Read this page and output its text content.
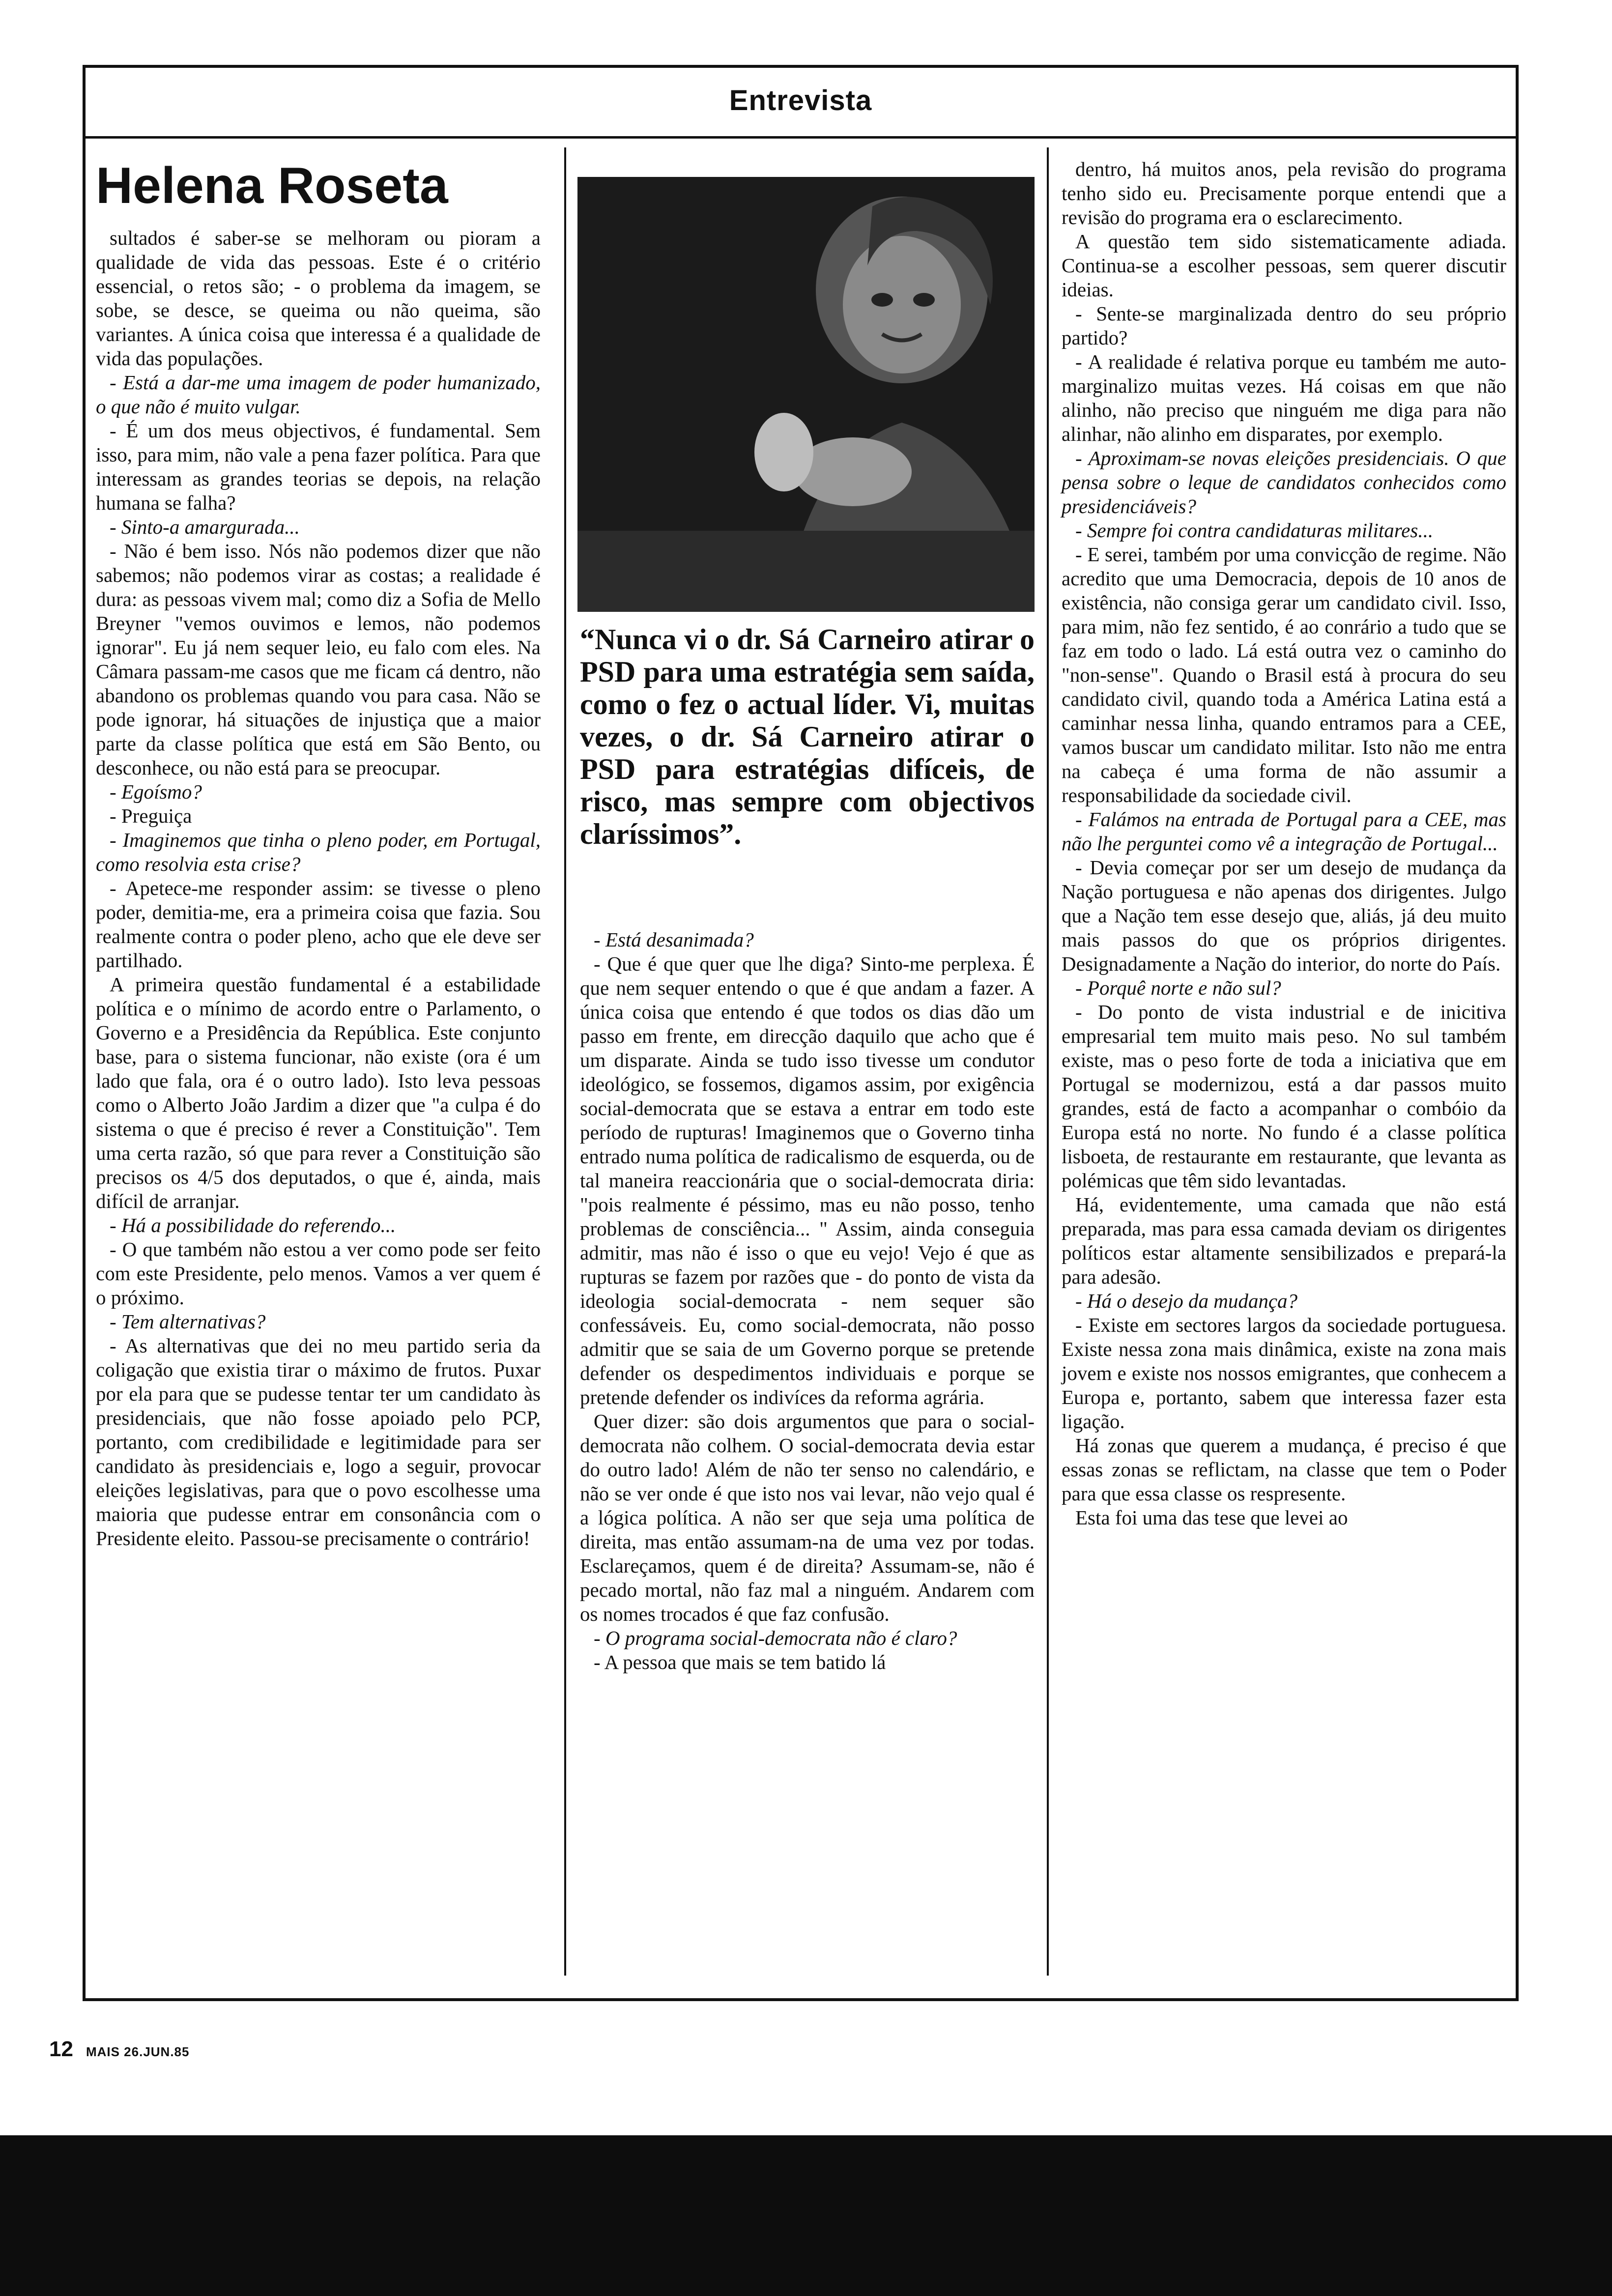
Entrevista
Helena Roseta

sultados é saber-se se melhoram ou pioram a qualidade de vida das pessoas. Este é o critério essencial, o retos são; - o problema da imagem, se sobe, se desce, se queima ou não queima, são variantes. A única coisa que interessa é a qualidade de vida das populações.

- Está a dar-me uma imagem de poder humanizado, o que não é muito vulgar.

- É um dos meus objectivos, é fundamental. Sem isso, para mim, não vale a pena fazer política. Para que interessam as grandes teorias se depois, na relação humana se falha?

- Sinto-a amargurada...

- Não é bem isso. Nós não podemos dizer que não sabemos; não podemos virar as costas; a realidade é dura: as pessoas vivem mal; como diz a Sofia de Mello Breyner "vemos ouvimos e lemos, não podemos ignorar". Eu já nem sequer leio, eu falo com eles. Na Câmara passam-me casos que me ficam cá dentro, não abandono os problemas quando vou para casa. Não se pode ignorar, há situações de injustiça que a maior parte da classe política que está em São Bento, ou desconhece, ou não está para se preocupar.

- Egoísmo?

- Preguiça

- Imaginemos que tinha o pleno poder, em Portugal, como resolvia esta crise?

- Apetece-me responder assim: se tivesse o pleno poder, demitia-me, era a primeira coisa que fazia. Sou realmente contra o poder pleno, acho que ele deve ser partilhado.

A primeira questão fundamental é a estabilidade política e o mínimo de acordo entre o Parlamento, o Governo e a Presidência da República. Este conjunto base, para o sistema funcionar, não existe (ora é um lado que fala, ora é o outro lado). Isto leva pessoas como o Alberto João Jardim a dizer que "a culpa é do sistema o que é preciso é rever a Constituição". Tem uma certa razão, só que para rever a Constituição são precisos os 4/5 dos deputados, o que é, ainda, mais difícil de arranjar.

- Há a possibilidade do referendo...

- O que também não estou a ver como pode ser feito com este Presidente, pelo menos. Vamos a ver quem é o próximo.

- Tem alternativas?

- As alternativas que dei no meu partido seria da coligação que existia tirar o máximo de frutos. Puxar por ela para que se pudesse tentar ter um candidato às presidenciais, que não fosse apoiado pelo PCP, portanto, com credibilidade e legitimidade para ser candidato às presidenciais e, logo a seguir, provocar eleições legislativas, para que o povo escolhesse uma maioria que pudesse entrar em consonância com o Presidente eleito. Passou-se precisamente o contrário!

“Nunca vi o dr. Sá Carneiro atirar o PSD para uma estratégia sem saída, como o fez o actual líder. Vi, muitas vezes, o dr. Sá Carneiro atirar o PSD para estratégias difíceis, de risco, mas sempre com objectivos claríssimos”.

- Está desanimada?

- Que é que quer que lhe diga? Sinto-me perplexa. É que nem sequer entendo o que é que andam a fazer. A única coisa que entendo é que todos os dias dão um passo em frente, em direcção daquilo que acho que é um disparate. Ainda se tudo isso tivesse um condutor ideológico, se fossemos, digamos assim, por exigência social-democrata que se estava a entrar em todo este período de rupturas! Imaginemos que o Governo tinha entrado numa política de radicalismo de esquerda, ou de tal maneira reaccionária que o social-democrata diria: "pois realmente é péssimo, mas eu não posso, tenho problemas de consciência... " Assim, ainda conseguia admitir, mas não é isso o que eu vejo! Vejo é que as rupturas se fazem por razões que - do ponto de vista da ideologia social-democrata - nem sequer são confessáveis. Eu, como social-democrata, não posso admitir que se saia de um Governo porque se pretende defender os despedimentos individuais e porque se pretende defender os indivíces da reforma agrária.

Quer dizer: são dois argumentos que para o social-democrata não colhem. O social-democrata devia estar do outro lado! Além de não ter senso no calendário, e não se ver onde é que isto nos vai levar, não vejo qual é a lógica política. A não ser que seja uma política de direita, mas então assumam-na de uma vez por todas. Esclareçamos, quem é de direita? Assumam-se, não é pecado mortal, não faz mal a ninguém. Andarem com os nomes trocados é que faz confusão.

- O programa social-democrata não é claro?

- A pessoa que mais se tem batido lá

dentro, há muitos anos, pela revisão do programa tenho sido eu. Precisamente porque entendi que a revisão do programa era o esclarecimento.

A questão tem sido sistematicamente adiada. Continua-se a escolher pessoas, sem querer discutir ideias.

- Sente-se marginalizada dentro do seu próprio partido?

- A realidade é relativa porque eu também me auto-marginalizo muitas vezes. Há coisas em que não alinho, não preciso que ninguém me diga para não alinhar, não alinho em disparates, por exemplo.

- Aproximam-se novas eleições presidenciais. O que pensa sobre o leque de candidatos conhecidos como presidenciáveis?

- Sempre foi contra candidaturas militares...

- E serei, também por uma convicção de regime. Não acredito que uma Democracia, depois de 10 anos de existência, não consiga gerar um candidato civil. Isso, para mim, não fez sentido, é ao conrário a tudo que se faz em todo o lado. Lá está outra vez o caminho do "non-sense". Quando o Brasil está à procura do seu candidato civil, quando toda a América Latina está a caminhar nessa linha, quando entramos para a CEE, vamos buscar um candidato militar. Isto não me entra na cabeça é uma forma de não assumir a responsabilidade da sociedade civil.

- Falámos na entrada de Portugal para a CEE, mas não lhe perguntei como vê a integração de Portugal...

- Devia começar por ser um desejo de mudança da Nação portuguesa e não apenas dos dirigentes. Julgo que a Nação tem esse desejo que, aliás, já deu muito mais passos do que os próprios dirigentes. Designadamente a Nação do interior, do norte do País.

- Porquê norte e não sul?

- Do ponto de vista industrial e de inicitiva empresarial tem muito mais peso. No sul também existe, mas o peso forte de toda a iniciativa que em Portugal se modernizou, está a dar passos muito grandes, está de facto a acompanhar o combóio da Europa está no norte. No fundo é a classe política lisboeta, de restaurante em restaurante, que levanta as polémicas que têm sido levantadas.

Há, evidentemente, uma camada que não está preparada, mas para essa camada deviam os dirigentes políticos estar altamente sensibilizados e prepará-la para adesão.

- Há o desejo da mudança?

- Existe em sectores largos da sociedade portuguesa. Existe nessa zona mais dinâmica, existe na zona mais jovem e existe nos nossos emigrantes, que conhecem a Europa e, portanto, sabem que interessa fazer esta ligação.

Há zonas que querem a mudança, é preciso é que essas zonas se reflictam, na classe que tem o Poder para que essa classe os respresente.

Esta foi uma das tese que levei ao

12 MAIS 26.JUN.85
